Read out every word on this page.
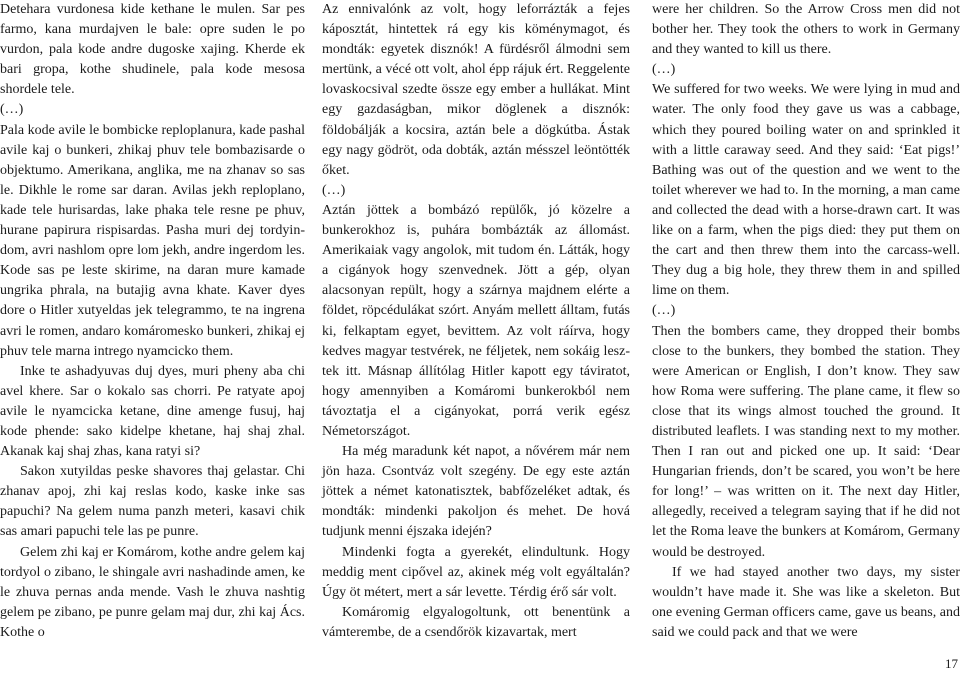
Detehara vurdonesa kide kethane le mulen. Sar pes farmo, kana murdajven le bale: opre suden le po vurdon, pala kode andre dugoske xajing. Kherde ek bari gropa, kothe shudinele, pala kode mesosa shordele tele.

(…)

Pala kode avile le bombicke reploplanura, kade pashal avile kaj o bunkeri, zhikaj phuv tele bombazisarde o objektumo. Amerikana, anglika, me na zhanav so sas le. Dikhle le rome sar daran. Avilas jekh reploplano, kade tele hurisardas, lake phaka tele resne pe phuv, hurane papirura rispisardas. Pasha muri dej tordyindom, avri nashlom opre lom jekh, andre ingerdom les. Kode sas pe leste skirime, na daran mure kamade ungrika phrala, na butajig avna khate. Kaver dyes dore o Hitler xutyeldas jek telegrammo, te na ingrena avri le romen, andaro komáromesko bunkeri, zhikaj ej phuv tele marna intrego nyamcicko them.

Inke te ashadyuvas duj dyes, muri pheny aba chi avel khere. Sar o kokalo sas chorri. Pe ratyate apoj avile le nyamcicka ketane, dine amenge fusuj, haj kode phende: sako kidelpe khetane, haj shaj zhal. Akanak kaj shaj zhas, kana ratyi si?

Sakon xutyildas peske shavores thaj gelastar. Chi zhanav apoj, zhi kaj reslas kodo, kaske inke sas papuchi? Na gelem numa panzh meteri, kasavi chik sas amari papuchi tele las pe punre.

Gelem zhi kaj er Komárom, kothe andre gelem kaj tordyol o zibano, le shingale avri nashadinde amen, ke le zhuva pernas anda mende. Vash le zhuva nashtig gelem pe zibano, pe punre gelam maj dur, zhi kaj Ács. Kothe o

Az ennivalónk az volt, hogy leforrázták a fejes káposztát, hintettek rá egy kis köménymagot, és mondták: egyetek disznók! A fürdésről álmodni sem mertünk, a vécé ott volt, ahol épp rájuk ért. Reggelente lovaskocsival szedte össze egy ember a hullákat. Mint egy gazdaságban, mikor döglenek a disznók: földobálják a kocsira, aztán bele a dögkútba. Ástak egy nagy gödröt, oda dobták, aztán mésszel leöntötték őket.

(…)

Aztán jöttek a bombázó repülők, jó közelre a bunkerokhoz is, puhára bombázták az állomást. Amerikaiak vagy angolok, mit tudom én. Látták, hogy a cigányok hogy szenvednek. Jött a gép, olyan alacsonyan repült, hogy a szárnya majdnem elérte a földet, röpcédulákat szórt. Anyám mellett álltam, futás ki, felkaptam egyet, bevittem. Az volt ráírva, hogy kedves magyar testvérek, ne féljetek, nem sokáig lesztek itt. Másnap állítólag Hitler kapott egy táviratot, hogy amennyiben a Komáromi bunkerokból nem távoztatja el a cigányokat, porrá verik egész Németországot.

Ha még maradunk két napot, a nővérem már nem jön haza. Csontváz volt szegény. De egy este aztán jöttek a német katonatisztek, babfőzeléket adtak, és mondták: mindenki pakoljon és mehet. De hová tudjunk menni éjszaka idején?

Mindenki fogta a gyerekét, elindultunk. Hogy meddig ment cipővel az, akinek még volt egyáltalán? Úgy öt métert, mert a sár levette. Térdig érő sár volt.

Komáromig elgyalogoltunk, ott benentünk a vámterembe, de a csendőrök kizavartak, mert

were her children. So the Arrow Cross men did not bother her. They took the others to work in Germany and they wanted to kill us there.

(…)

We suffered for two weeks. We were lying in mud and water. The only food they gave us was a cabbage, which they poured boiling water on and sprinkled it with a little caraway seed. And they said: ‘Eat pigs!’ Bathing was out of the question and we went to the toilet wherever we had to. In the morning, a man came and collected the dead with a horse-drawn cart. It was like on a farm, when the pigs died: they put them on the cart and then threw them into the carcass-well. They dug a big hole, they threw them in and spilled lime on them.

(…)

Then the bombers came, they dropped their bombs close to the bunkers, they bombed the station. They were American or English, I don’t know. They saw how Roma were suffering. The plane came, it flew so close that its wings almost touched the ground. It distributed leaflets. I was standing next to my mother. Then I ran out and picked one up. It said: ‘Dear Hungarian friends, don’t be scared, you won’t be here for long!’ – was written on it. The next day Hitler, allegedly, received a telegram saying that if he did not let the Roma leave the bunkers at Komárom, Germany would be destroyed.

If we had stayed another two days, my sister wouldn’t have made it. She was like a skeleton. But one evening German officers came, gave us beans, and said we could pack and that we were

17
